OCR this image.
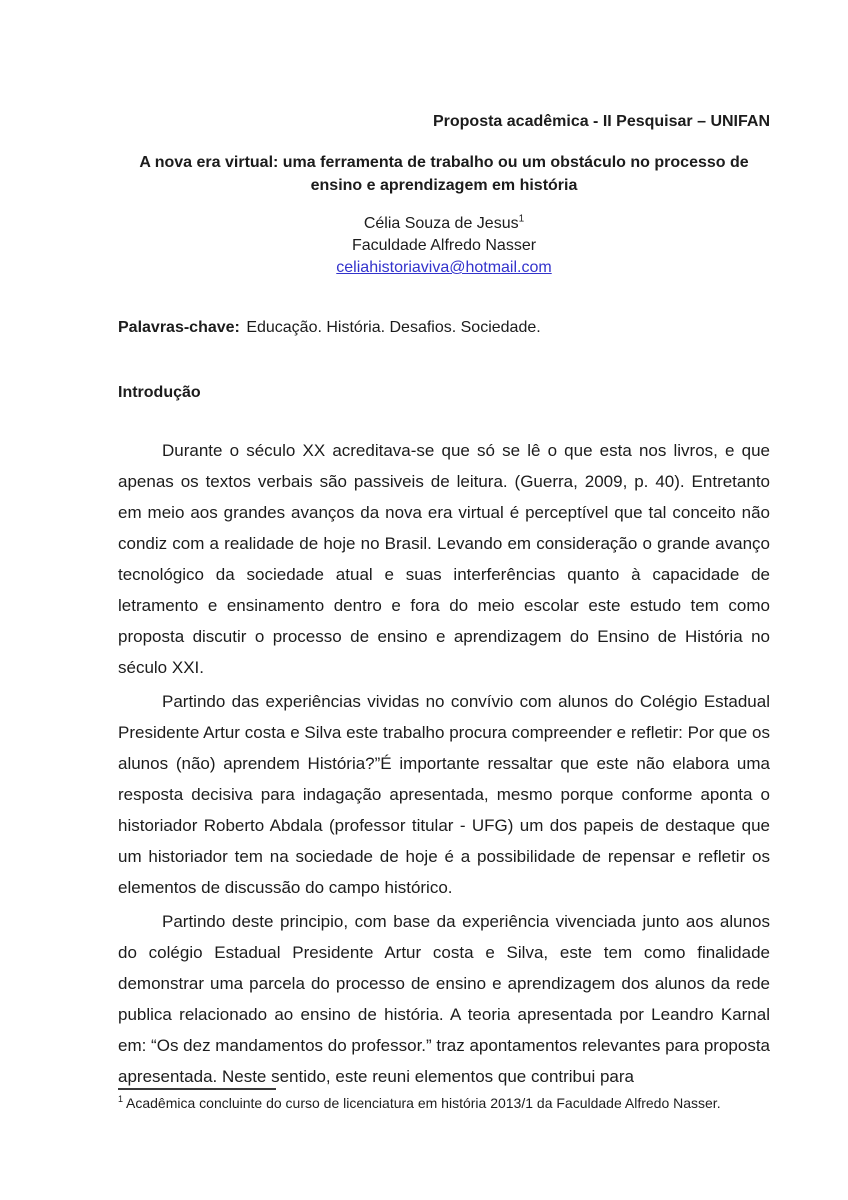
Proposta acadêmica - II Pesquisar – UNIFAN
A nova era virtual: uma ferramenta de trabalho ou um obstáculo no processo de ensino e aprendizagem em história
Célia Souza de Jesus$^1$
Faculdade Alfredo Nasser
celiahistoriaviva@hotmail.com
Palavras-chave: Educação. História. Desafios. Sociedade.
Introdução

Durante o século XX acreditava-se que só se lê o que esta nos livros, e que apenas os textos verbais são passiveis de leitura. (Guerra, 2009, p. 40). Entretanto em meio aos grandes avanços da nova era virtual é perceptível que tal conceito não condiz com a realidade de hoje no Brasil. Levando em consideração o grande avanço tecnológico da sociedade atual e suas interferências quanto à capacidade de letramento e ensinamento dentro e fora do meio escolar este estudo tem como proposta discutir o processo de ensino e aprendizagem do Ensino de História no século XXI.

Partindo das experiências vividas no convívio com alunos do Colégio Estadual Presidente Artur costa e Silva este trabalho procura compreender e refletir: Por que os alunos (não) aprendem História?”É importante ressaltar que este não elabora uma resposta decisiva para indagação apresentada, mesmo porque conforme aponta o historiador Roberto Abdala (professor titular - UFG) um dos papeis de destaque que um historiador tem na sociedade de hoje é a possibilidade de repensar e refletir os elementos de discussão do campo histórico.

Partindo deste principio, com base da experiência vivenciada junto aos alunos do colégio Estadual Presidente Artur costa e Silva, este tem como finalidade demonstrar uma parcela do processo de ensino e aprendizagem dos alunos da rede publica relacionado ao ensino de história. A teoria apresentada por Leandro Karnal em: “Os dez mandamentos do professor.” traz apontamentos relevantes para proposta apresentada. Neste sentido, este reuni elementos que contribui para

$^1$ Acadêmica concluinte do curso de licenciatura em história 2013/1 da Faculdade Alfredo Nasser.
